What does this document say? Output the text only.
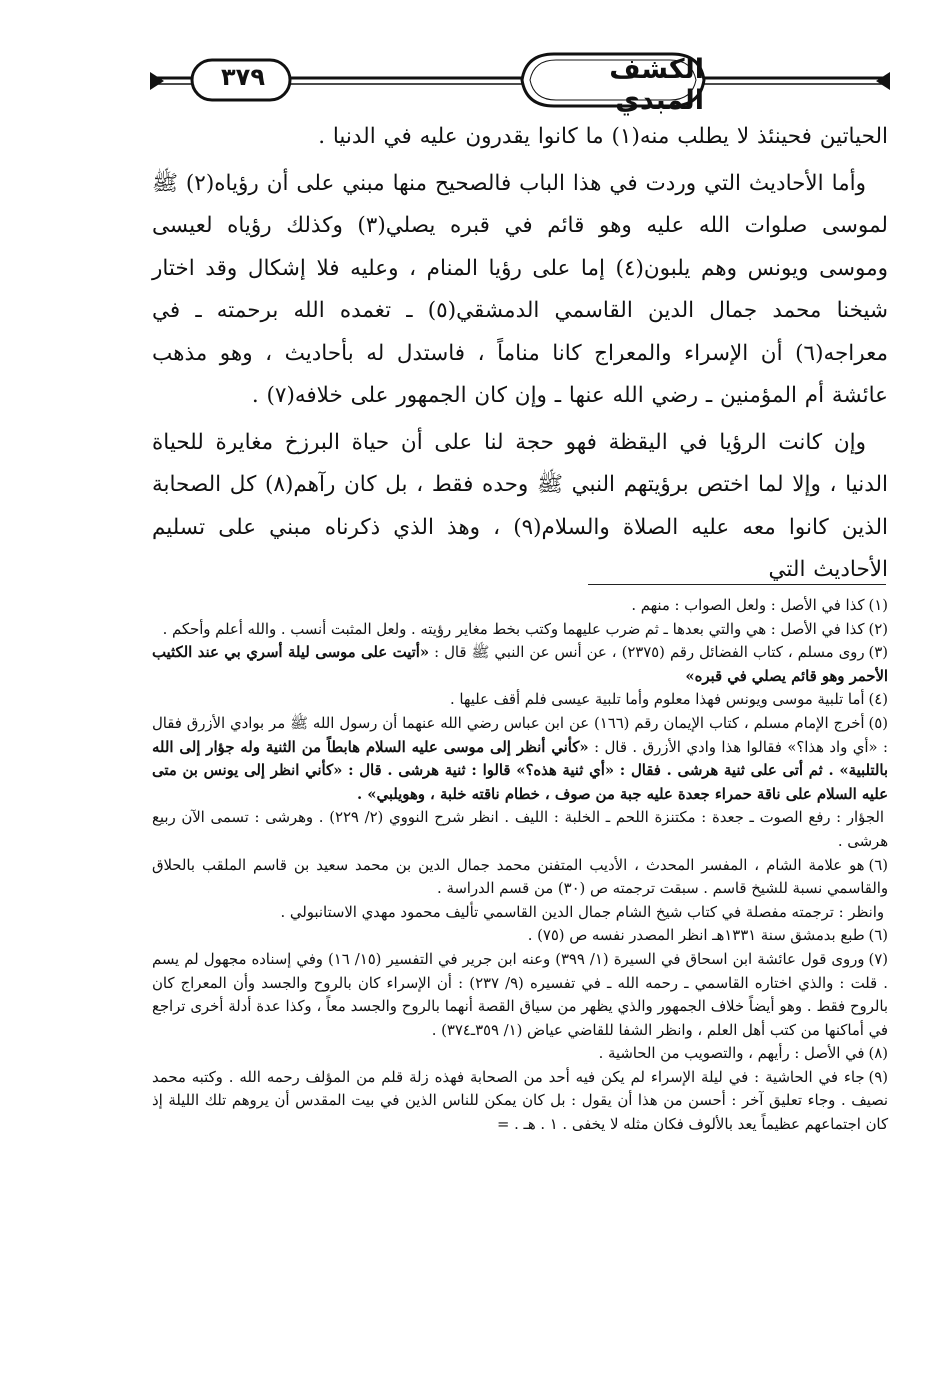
الكشف المبدي
٣٧٩

الحياتين فحينئذ لا يطلب منه(١) ما كانوا يقدرون عليه في الدنيا .

وأما الأحاديث التي وردت في هذا الباب فالصحيح منها مبني على أن رؤياه(٢) ﷺ لموسى صلوات الله عليه وهو قائم في قبره يصلي(٣) وكذلك رؤياه لعيسى وموسى ويونس وهم يلبون(٤) إما على رؤيا المنام ، وعليه فلا إشكال وقد اختار شيخنا محمد جمال الدين القاسمي الدمشقي(٥) ـ تغمده الله برحمته ـ في معراجه(٦) أن الإسراء والمعراج كانا مناماً ، فاستدل له بأحاديث ، وهو مذهب عائشة أم المؤمنين ـ رضي الله عنها ـ وإن كان الجمهور على خلافه(٧) .

وإن كانت الرؤيا في اليقظة فهو حجة لنا على أن حياة البرزخ مغايرة للحياة الدنيا ، وإلا لما اختص برؤيتهم النبي ﷺ وحده فقط ، بل كان رآهم(٨) كل الصحابة الذين كانوا معه عليه الصلاة والسلام(٩) ، وهذ الذي ذكرناه مبني على تسليم الأحاديث التي

(١)كذا في الأصل : ولعل الصواب : منهم .

(٢)كذا في الأصل : هي والتي بعدها ـ ثم ضرب عليهما وكتب بخط مغاير رؤيته . ولعل المثبت أنسب . والله أعلم وأحكم .

(٣)روى مسلم ، كتاب الفضائل رقم (٢٣٧٥) ، عن أنس عن النبي ﷺ قال : «أتيت على موسى ليلة أسري بي عند الكثيب الأحمر وهو قائم يصلي في قبره»

(٤)أما تلبية موسى ويونس فهذا معلوم وأما تلبية عيسى فلم أقف عليها .

(٥)أخرج الإمام مسلم ، كتاب الإيمان رقم (١٦٦) عن ابن عباس رضي الله عنهما أن رسول الله ﷺ مر بوادي الأزرق فقال : «أي واد هذا؟» فقالوا هذا وادي الأزرق . قال : «كأني أنظر إلى موسى عليه السلام هابطاً من الثنية وله جؤار إلى الله بالتلبية» . ثم أتى على ثنية هرشى . فقال : «أي ثنية هذه؟» قالوا : ثنية هرشى . قال : «كأني انظر إلى يونس بن متى عليه السلام على ناقة حمراء جعدة عليه جبة من صوف ، خطام ناقته خلبة ، وهويلبي» .

الجؤار : رفع الصوت ـ جعدة : مكتنزة اللحم ـ الخلبة : الليف . انظر شرح النووي (٢/ ٢٢٩) . وهرشى : تسمى الآن ربيع هرشى .

(٦)هو علامة الشام ، المفسر المحدث ، الأديب المتفنن محمد جمال الدين بن محمد سعيد بن قاسم الملقب بالحلاق والقاسمي نسبة للشيخ قاسم . سبقت ترجمته ص (٣٠) من قسم الدراسة .

وانظر : ترجمته مفصلة في كتاب شيخ الشام جمال الدين القاسمي تأليف محمود مهدي الاستانبولي .

(٦)طبع بدمشق سنة ١٣٣١هـ انظر المصدر نفسه ص (٧٥) .

(٧)وروى قول عائشة ابن اسحاق في السيرة (١/ ٣٩٩) وعنه ابن جرير في التفسير (١٥/ ١٦) وفي إسناده مجهول لم يسم . قلت : والذي اختاره القاسمي ـ رحمه الله ـ في تفسيره (٩/ ٢٣٧) : أن الإسراء كان بالروح والجسد وأن المعراج كان بالروح فقط . وهو أيضاً خلاف الجمهور والذي يظهر من سياق القصة أنهما بالروح والجسد معاً ، وكذا عدة أدلة أخرى تراجع في أماكنها من كتب أهل العلم ، وانظر الشفا للقاضي عياض (١/ ٣٥٩ـ٣٧٤) .

(٨)في الأصل : رأيهم ، والتصويب من الحاشية .

(٩)جاء في الحاشية : في ليلة الإسراء لم يكن فيه أحد من الصحابة فهذه زلة قلم من المؤلف رحمه الله . وكتبه محمد نصيف . وجاء تعليق آخر : أحسن من هذا أن يقول : بل كان يمكن للناس الذين في بيت المقدس أن يروهم تلك الليلة إذ كان اجتماعهم عظيماً يعد بالألوف فكان مثله لا يخفى . ١ . هـ . =
